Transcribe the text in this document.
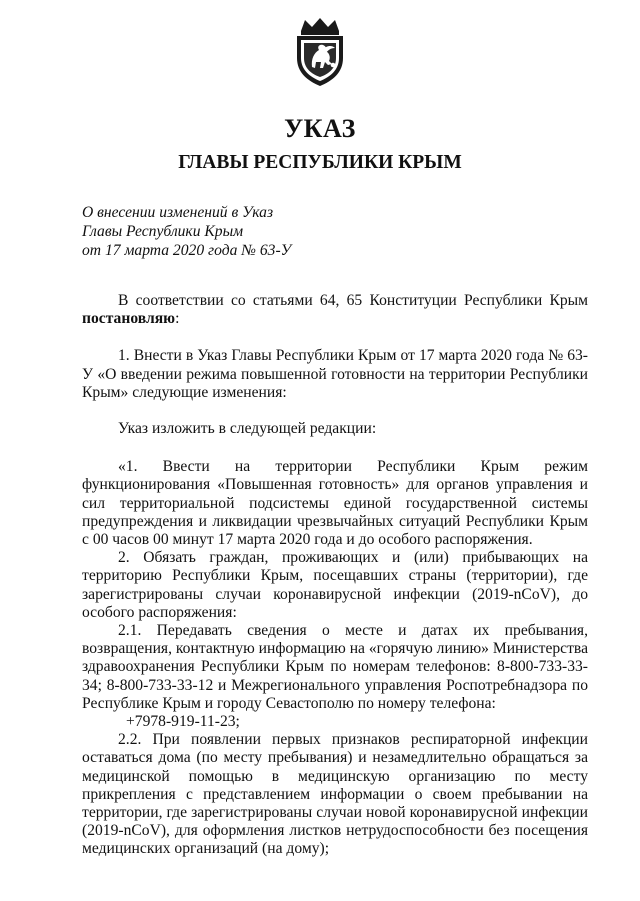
УКАЗ
ГЛАВЫ РЕСПУБЛИКИ КРЫМ
О внесении изменений в Указ
Главы Республики Крым
от 17 марта 2020 года № 63-У

В соответствии со статьями 64, 65 Конституции Республики Крым постановляю:

1. Внести в Указ Главы Республики Крым от 17 марта 2020 года № 63-У «О введении режима повышенной готовности на территории Республики Крым» следующие изменения:

Указ изложить в следующей редакции:

«1. Ввести на территории Республики Крым режим функционирования «Повышенная готовность» для органов управления и сил территориальной подсистемы единой государственной системы предупреждения и ликвидации чрезвычайных ситуаций Республики Крым с 00 часов 00 минут 17 марта 2020 года и до особого распоряжения.

2. Обязать граждан, проживающих и (или) прибывающих на территорию Республики Крым, посещавших страны (территории), где зарегистрированы случаи коронавирусной инфекции (2019-nCoV), до особого распоряжения:

2.1. Передавать сведения о месте и датах их пребывания, возвращения, контактную информацию на «горячую линию» Министерства здравоохранения Республики Крым по номерам телефонов: 8-800-733-33-34; 8-800-733-33-12 и Межрегионального управления Роспотребнадзора по Республике Крым и городу Севастополю по номеру телефона:

+7978-919-11-23;

2.2. При появлении первых признаков респираторной инфекции оставаться дома (по месту пребывания) и незамедлительно обращаться за медицинской помощью в медицинскую организацию по месту прикрепления с представлением информации о своем пребывании на территории, где зарегистрированы случаи новой коронавирусной инфекции (2019-nCoV), для оформления листков нетрудоспособности без посещения медицинских организаций (на дому);
